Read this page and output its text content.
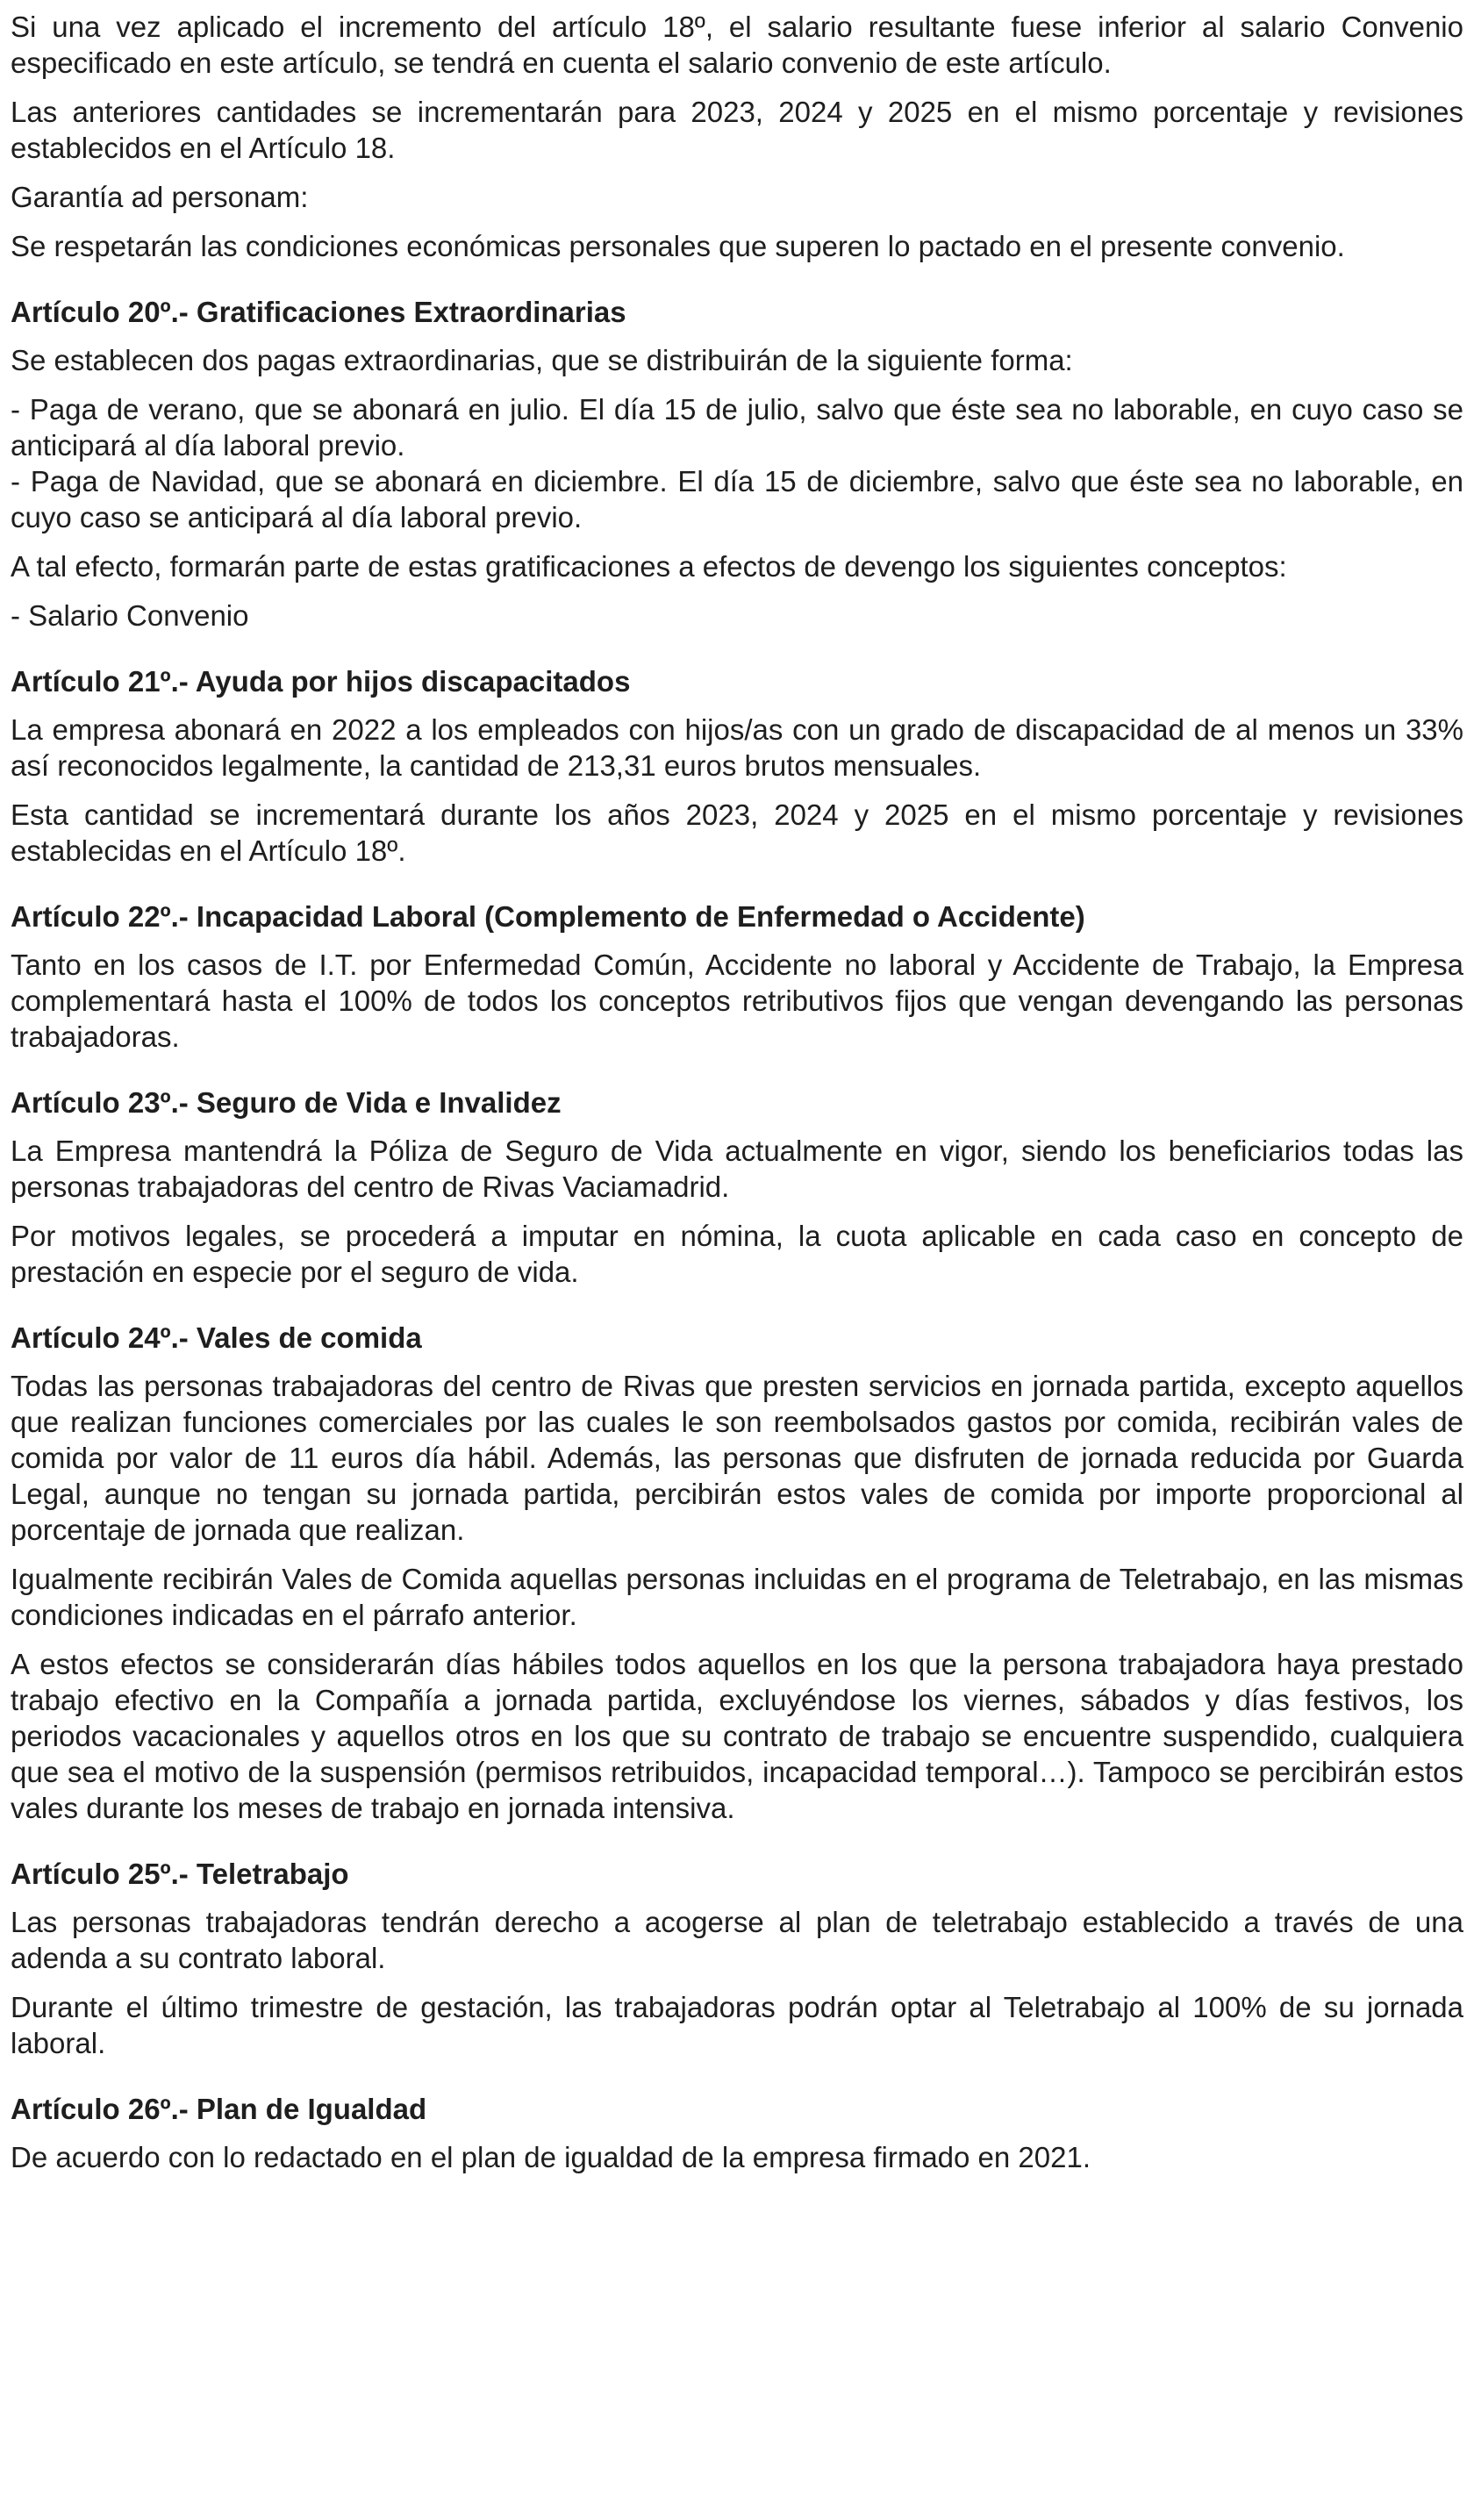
Si una vez aplicado el incremento del artículo 18º, el salario resultante fuese inferior al salario Convenio especificado en este artículo, se tendrá en cuenta el salario convenio de este artículo.

Las anteriores cantidades se incrementarán para 2023, 2024 y 2025 en el mismo porcentaje y revisiones establecidos en el Artículo 18.

Garantía ad personam:

Se respetarán las condiciones económicas personales que superen lo pactado en el presente convenio.

Artículo 20º.- Gratificaciones Extraordinarias

Se establecen dos pagas extraordinarias, que se distribuirán de la siguiente forma:

- Paga de verano, que se abonará en julio. El día 15 de julio, salvo que éste sea no laborable, en cuyo caso se anticipará al día laboral previo.

- Paga de Navidad, que se abonará en diciembre. El día 15 de diciembre, salvo que éste sea no laborable, en cuyo caso se anticipará al día laboral previo.

A tal efecto, formarán parte de estas gratificaciones a efectos de devengo los siguientes conceptos:

- Salario Convenio

Artículo 21º.- Ayuda por hijos discapacitados

La empresa abonará en 2022 a los empleados con hijos/as con un grado de discapacidad de al menos un 33% así reconocidos legalmente, la cantidad de 213,31 euros brutos mensuales.

Esta cantidad se incrementará durante los años 2023, 2024 y 2025 en el mismo porcentaje y revisiones establecidas en el Artículo 18º.

Artículo 22º.- Incapacidad Laboral (Complemento de Enfermedad o Accidente)

Tanto en los casos de I.T. por Enfermedad Común, Accidente no laboral y Accidente de Trabajo, la Empresa complementará hasta el 100% de todos los conceptos retributivos fijos que vengan devengando las personas trabajadoras.

Artículo 23º.- Seguro de Vida e Invalidez

La Empresa mantendrá la Póliza de Seguro de Vida actualmente en vigor, siendo los beneficiarios todas las personas trabajadoras del centro de Rivas Vaciamadrid.

Por motivos legales, se procederá a imputar en nómina, la cuota aplicable en cada caso en concepto de prestación en especie por el seguro de vida.

Artículo 24º.- Vales de comida

Todas las personas trabajadoras del centro de Rivas que presten servicios en jornada partida, excepto aquellos que realizan funciones comerciales por las cuales le son reembolsados gastos por comida, recibirán vales de comida por valor de 11 euros día hábil. Además, las personas que disfruten de jornada reducida por Guarda Legal, aunque no tengan su jornada partida, percibirán estos vales de comida por importe proporcional al porcentaje de jornada que realizan.

Igualmente recibirán Vales de Comida aquellas personas incluidas en el programa de Teletrabajo, en las mismas condiciones indicadas en el párrafo anterior.

A estos efectos se considerarán días hábiles todos aquellos en los que la persona trabajadora haya prestado trabajo efectivo en la Compañía a jornada partida, excluyéndose los viernes, sábados y días festivos, los periodos vacacionales y aquellos otros en los que su contrato de trabajo se encuentre suspendido, cualquiera que sea el motivo de la suspensión (permisos retribuidos, incapacidad temporal…). Tampoco se percibirán estos vales durante los meses de trabajo en jornada intensiva.

Artículo 25º.- Teletrabajo

Las personas trabajadoras tendrán derecho a acogerse al plan de teletrabajo establecido a través de una adenda a su contrato laboral.

Durante el último trimestre de gestación, las trabajadoras podrán optar al Teletrabajo al 100% de su jornada laboral.

Artículo 26º.- Plan de Igualdad

De acuerdo con lo redactado en el plan de igualdad de la empresa firmado en 2021.
